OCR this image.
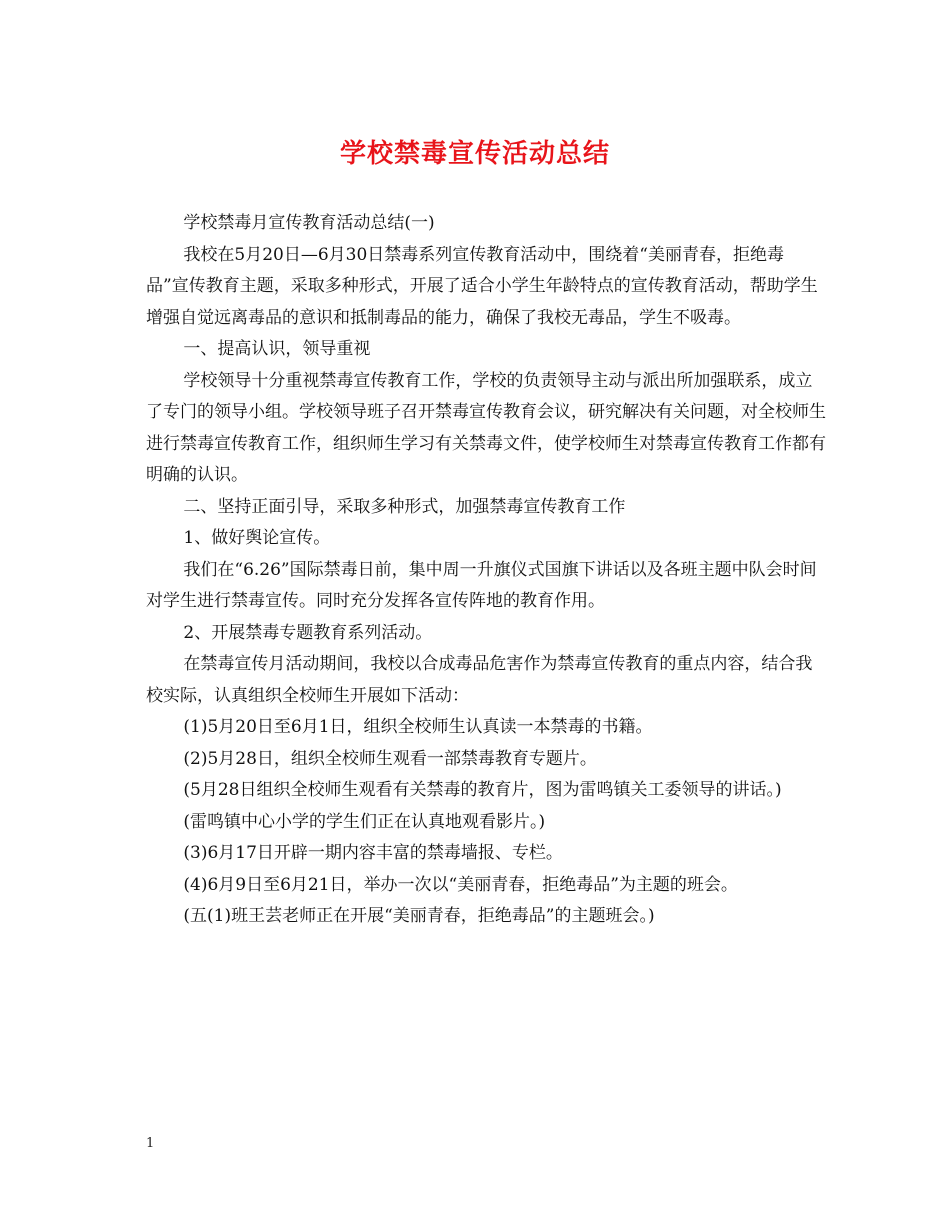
学校禁毒宣传活动总结

学校禁毒月宣传教育活动总结(一)

我校在5月20日—6月30日禁毒系列宣传教育活动中，围绕着“美丽青春，拒绝毒品”宣传教育主题，采取多种形式，开展了适合小学生年龄特点的宣传教育活动，帮助学生增强自觉远离毒品的意识和抵制毒品的能力，确保了我校无毒品，学生不吸毒。

一、提高认识，领导重视

学校领导十分重视禁毒宣传教育工作，学校的负责领导主动与派出所加强联系，成立了专门的领导小组。学校领导班子召开禁毒宣传教育会议，研究解决有关问题，对全校师生进行禁毒宣传教育工作，组织师生学习有关禁毒文件，使学校师生对禁毒宣传教育工作都有明确的认识。

二、坚持正面引导，采取多种形式，加强禁毒宣传教育工作

1、做好舆论宣传。

我们在“6.26”国际禁毒日前，集中周一升旗仪式国旗下讲话以及各班主题中队会时间对学生进行禁毒宣传。同时充分发挥各宣传阵地的教育作用。

2、开展禁毒专题教育系列活动。

在禁毒宣传月活动期间，我校以合成毒品危害作为禁毒宣传教育的重点内容，结合我校实际，认真组织全校师生开展如下活动：

(1)5月20日至6月1日，组织全校师生认真读一本禁毒的书籍。

(2)5月28日，组织全校师生观看一部禁毒教育专题片。

(5月28日组织全校师生观看有关禁毒的教育片，图为雷鸣镇关工委领导的讲话。)

(雷鸣镇中心小学的学生们正在认真地观看影片。)

(3)6月17日开辟一期内容丰富的禁毒墙报、专栏。

(4)6月9日至6月21日，举办一次以“美丽青春，拒绝毒品”为主题的班会。

(五(1)班王芸老师正在开展“美丽青春，拒绝毒品”的主题班会。)

1
